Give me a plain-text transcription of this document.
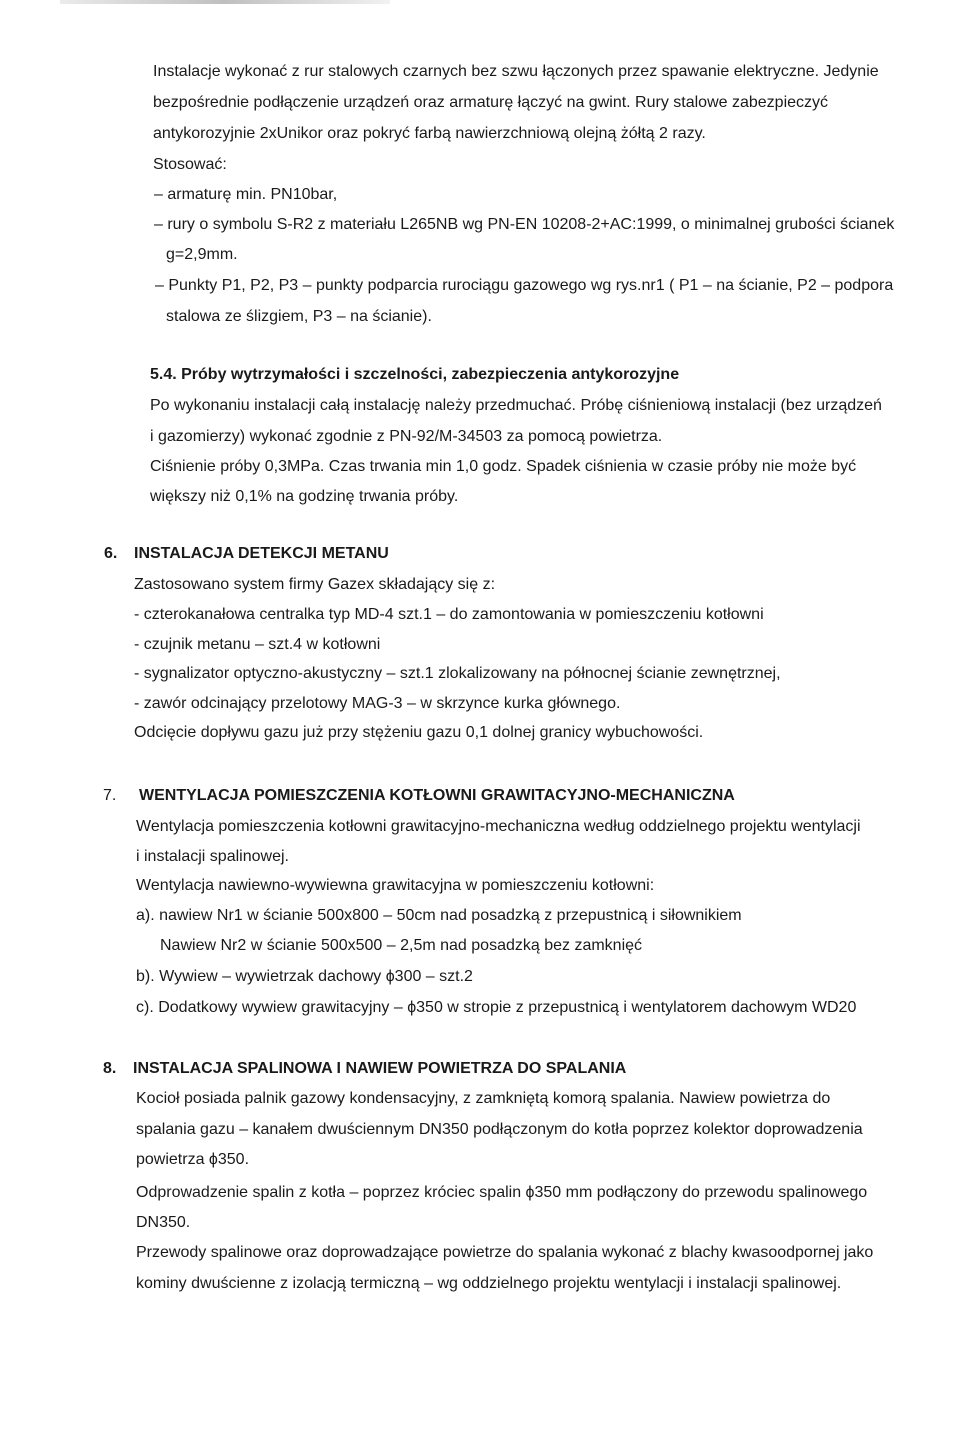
Instalacje wykonać z rur stalowych czarnych bez szwu łączonych przez spawanie elektryczne. Jedynie
bezpośrednie podłączenie urządzeń oraz armaturę łączyć na gwint. Rury stalowe zabezpieczyć
antykorozyjnie 2xUnikor oraz pokryć farbą nawierzchniową olejną żółtą 2 razy.
Stosować:
– armaturę min. PN10bar,
– rury o symbolu S-R2 z materiału L265NB wg PN-EN 10208-2+AC:1999, o minimalnej grubości ścianek
g=2,9mm.
– Punkty P1, P2, P3 – punkty podparcia rurociągu gazowego wg rys.nr1 ( P1 – na ścianie, P2 – podpora
stalowa ze ślizgiem, P3 – na ścianie).
5.4. Próby wytrzymałości i szczelności, zabezpieczenia antykorozyjne
Po wykonaniu instalacji całą instalację należy przedmuchać. Próbę ciśnieniową instalacji (bez urządzeń
i gazomierzy) wykonać zgodnie z PN-92/M-34503 za pomocą powietrza.
Ciśnienie próby 0,3MPa. Czas trwania min 1,0 godz. Spadek ciśnienia w czasie próby nie może być
większy niż 0,1% na godzinę trwania próby.
6. INSTALACJA DETEKCJI METANU
Zastosowano system firmy Gazex składający się z:
- czterokanałowa centralka typ MD-4 szt.1 – do zamontowania w pomieszczeniu kotłowni
- czujnik metanu – szt.4 w kotłowni
- sygnalizator optyczno-akustyczny – szt.1 zlokalizowany na północnej ścianie zewnętrznej,
- zawór odcinający przelotowy MAG-3 – w skrzynce kurka głównego.
Odcięcie dopływu gazu już przy stężeniu gazu 0,1 dolnej granicy wybuchowości.
7. WENTYLACJA POMIESZCZENIA KOTŁOWNI GRAWITACYJNO-MECHANICZNA
Wentylacja pomieszczenia kotłowni grawitacyjno-mechaniczna według oddzielnego projektu wentylacji
i instalacji spalinowej.
Wentylacja nawiewno-wywiewna grawitacyjna w pomieszczeniu kotłowni:
a). nawiew Nr1 w ścianie 500x800 – 50cm nad posadzką z przepustnicą i siłownikiem
Nawiew Nr2 w ścianie 500x500 – 2,5m nad posadzką bez zamknięć
b). Wywiew – wywietrzak dachowy ϕ300 – szt.2
c). Dodatkowy wywiew grawitacyjny – ϕ350 w stropie z przepustnicą i wentylatorem dachowym WD20
8. INSTALACJA SPALINOWA I NAWIEW POWIETRZA DO SPALANIA
Kocioł posiada palnik gazowy kondensacyjny, z zamkniętą komorą spalania. Nawiew powietrza do
spalania gazu – kanałem dwuściennym DN350 podłączonym do kotła poprzez kolektor doprowadzenia
powietrza ϕ350.
Odprowadzenie spalin z kotła – poprzez króciec spalin ϕ350 mm podłączony do przewodu spalinowego
DN350.
Przewody spalinowe oraz doprowadzające powietrze do spalania wykonać z blachy kwasoodpornej jako
kominy dwuścienne z izolacją termiczną – wg oddzielnego projektu wentylacji i instalacji spalinowej.
